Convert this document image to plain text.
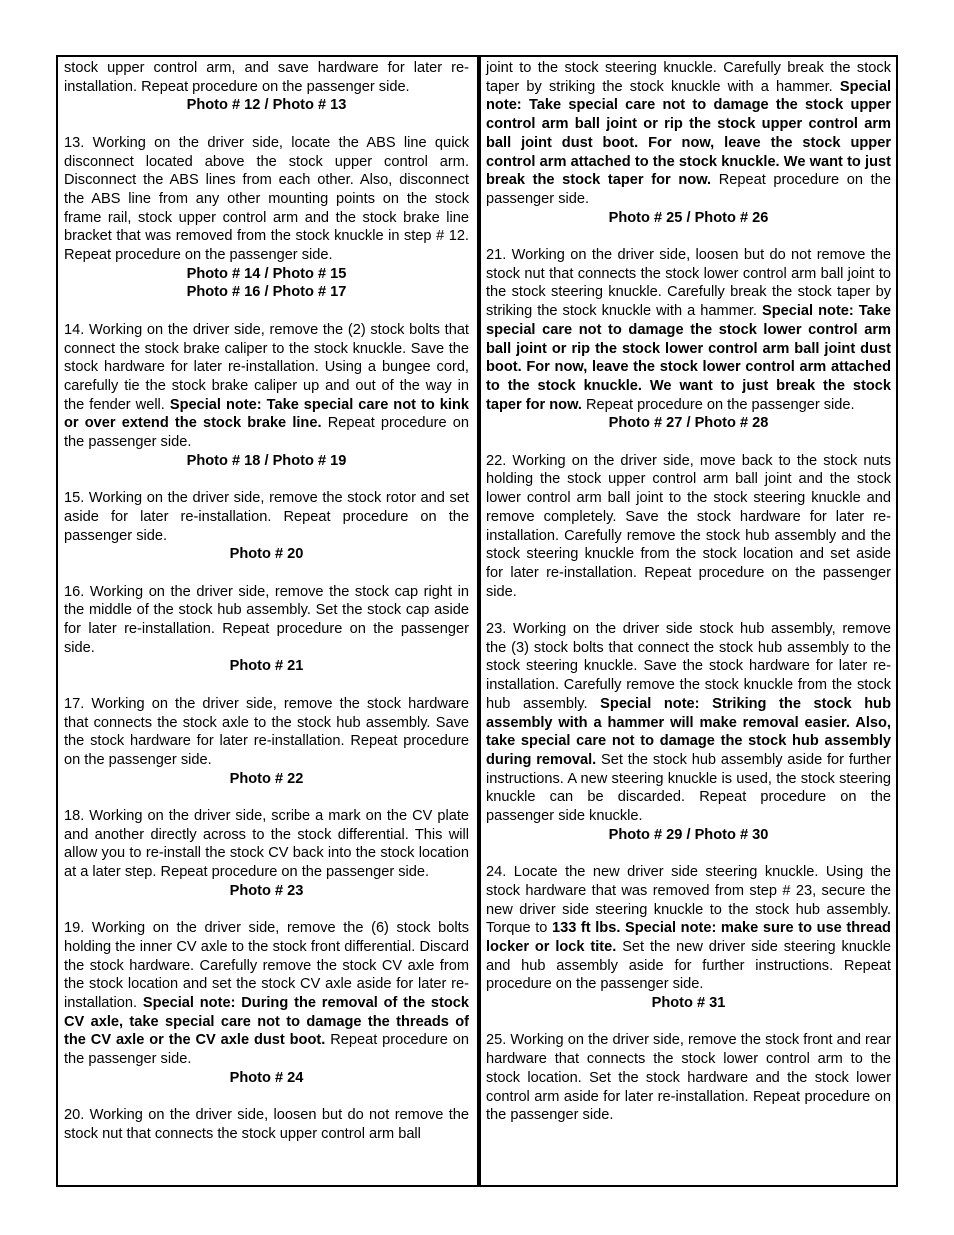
stock upper control arm, and save hardware for later re-installation. Repeat procedure on the passenger side.

Photo # 12 / Photo # 13

13. Working on the driver side, locate the ABS line quick disconnect located above the stock upper control arm. Disconnect the ABS lines from each other. Also, disconnect the ABS line from any other mounting points on the stock frame rail, stock upper control arm and the stock brake line bracket that was removed from the stock knuckle in step # 12. Repeat procedure on the passenger side.

Photo # 14 / Photo # 15

Photo # 16 / Photo # 17

14. Working on the driver side, remove the (2) stock bolts that connect the stock brake caliper to the stock knuckle. Save the stock hardware for later re-installation. Using a bungee cord, carefully tie the stock brake caliper up and out of the way in the fender well. Special note: Take special care not to kink or over extend the stock brake line. Repeat procedure on the passenger side.

Photo # 18 / Photo # 19

15. Working on the driver side, remove the stock rotor and set aside for later re-installation. Repeat procedure on the passenger side.

Photo # 20

16. Working on the driver side, remove the stock cap right in the middle of the stock hub assembly. Set the stock cap aside for later re-installation. Repeat procedure on the passenger side.

Photo # 21

17. Working on the driver side, remove the stock hardware that connects the stock axle to the stock hub assembly. Save the stock hardware for later re-installation. Repeat procedure on the passenger side.

Photo # 22

18. Working on the driver side, scribe a mark on the CV plate and another directly across to the stock differential. This will allow you to re-install the stock CV back into the stock location at a later step. Repeat procedure on the passenger side.

Photo # 23

19. Working on the driver side, remove the (6) stock bolts holding the inner CV axle to the stock front differential. Discard the stock hardware. Carefully remove the stock CV axle from the stock location and set the stock CV axle aside for later re-installation. Special note: During the removal of the stock CV axle, take special care not to damage the threads of the CV axle or the CV axle dust boot. Repeat procedure on the passenger side.

Photo # 24

20. Working on the driver side, loosen but do not remove the stock nut that connects the stock upper control arm ball

joint to the stock steering knuckle. Carefully break the stock taper by striking the stock knuckle with a hammer. Special note: Take special care not to damage the stock upper control arm ball joint or rip the stock upper control arm ball joint dust boot. For now, leave the stock upper control arm attached to the stock knuckle. We want to just break the stock taper for now. Repeat procedure on the passenger side.

Photo # 25 / Photo # 26

21. Working on the driver side, loosen but do not remove the stock nut that connects the stock lower control arm ball joint to the stock steering knuckle. Carefully break the stock taper by striking the stock knuckle with a hammer. Special note: Take special care not to damage the stock lower control arm ball joint or rip the stock lower control arm ball joint dust boot. For now, leave the stock lower control arm attached to the stock knuckle. We want to just break the stock taper for now. Repeat procedure on the passenger side.

Photo # 27 / Photo # 28

22. Working on the driver side, move back to the stock nuts holding the stock upper control arm ball joint and the stock lower control arm ball joint to the stock steering knuckle and remove completely. Save the stock hardware for later re-installation. Carefully remove the stock hub assembly and the stock steering knuckle from the stock location and set aside for later re-installation. Repeat procedure on the passenger side.

23. Working on the driver side stock hub assembly, remove the (3) stock bolts that connect the stock hub assembly to the stock steering knuckle. Save the stock hardware for later re-installation. Carefully remove the stock knuckle from the stock hub assembly. Special note: Striking the stock hub assembly with a hammer will make removal easier. Also, take special care not to damage the stock hub assembly during removal. Set the stock hub assembly aside for further instructions. A new steering knuckle is used, the stock steering knuckle can be discarded. Repeat procedure on the passenger side knuckle.

Photo # 29 / Photo # 30

24. Locate the new driver side steering knuckle. Using the stock hardware that was removed from step # 23, secure the new driver side steering knuckle to the stock hub assembly. Torque to 133 ft lbs. Special note: make sure to use thread locker or lock tite. Set the new driver side steering knuckle and hub assembly aside for further instructions. Repeat procedure on the passenger side.

Photo # 31

25. Working on the driver side, remove the stock front and rear hardware that connects the stock lower control arm to the stock location. Set the stock hardware and the stock lower control arm aside for later re-installation. Repeat procedure on the passenger side.
